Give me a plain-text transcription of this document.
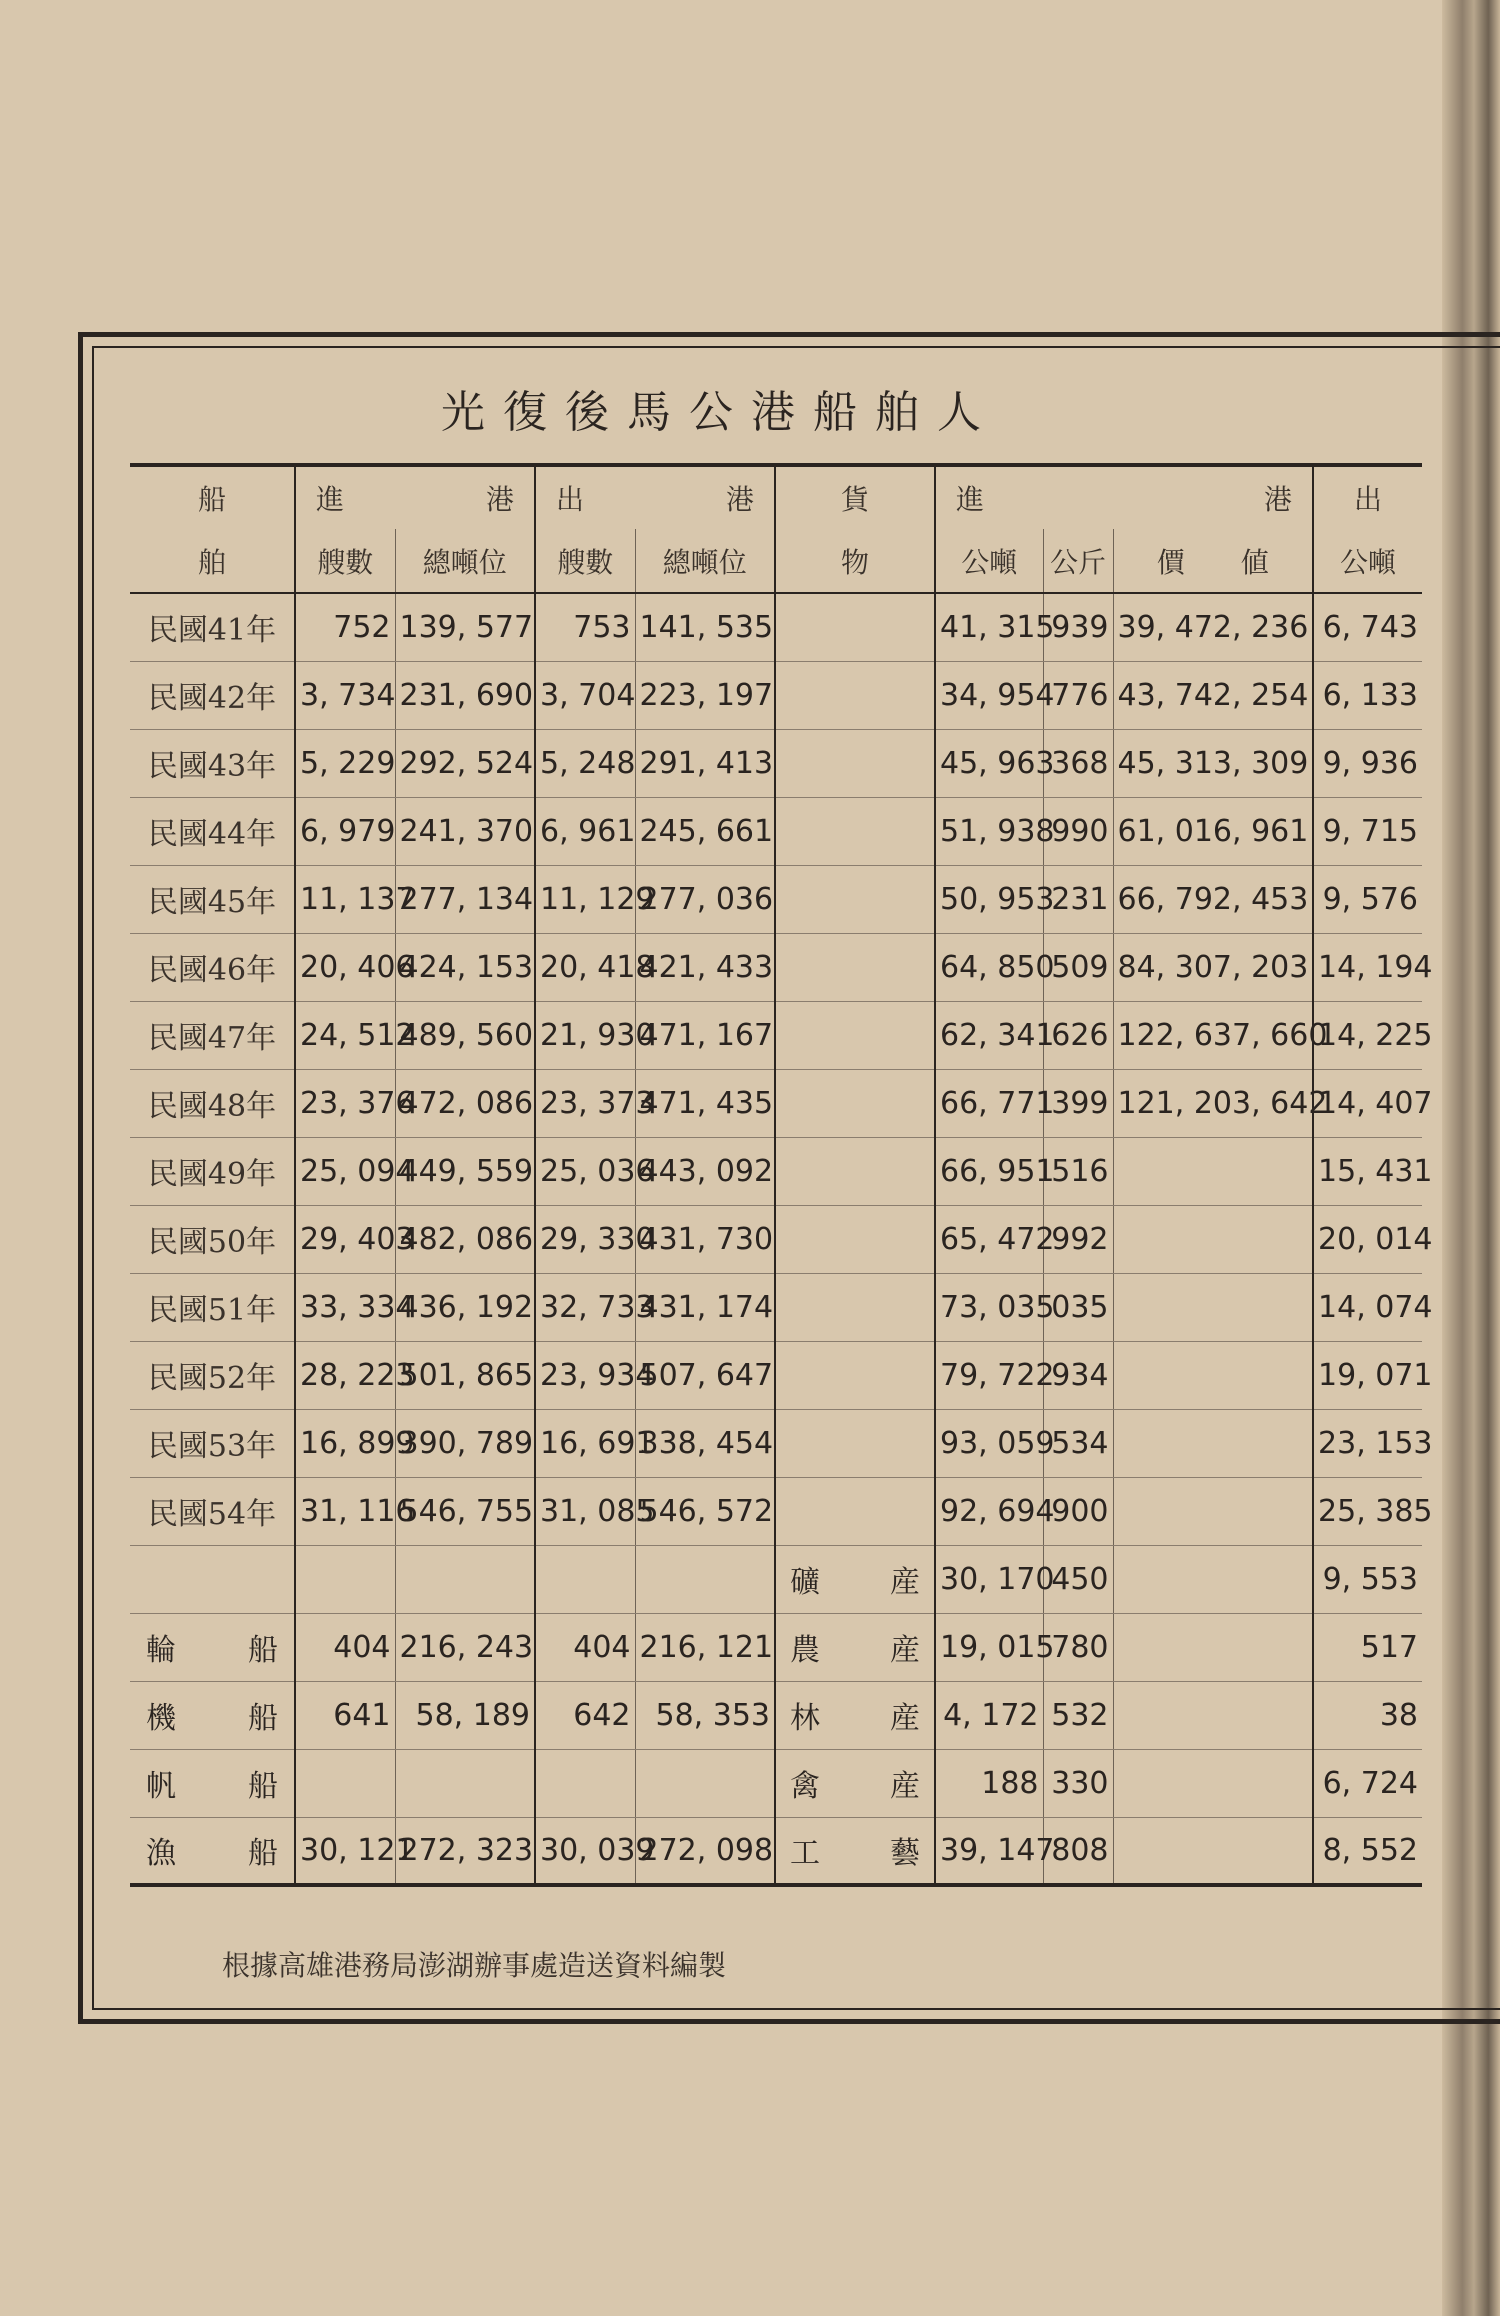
光復後馬公港船舶人
船	進 港		出 港		貨	進 港			出
舶	艘數	總噸位	艘數	總噸位	物	公噸	公斤	價　　値	公噸
民國41年	752	139, 577	753	141, 535		41, 315	939	39, 472, 236	6, 743
民國42年	3, 734	231, 690	3, 704	223, 197		34, 954	776	43, 742, 254	6, 133
民國43年	5, 229	292, 524	5, 248	291, 413		45, 963	368	45, 313, 309	9, 936
民國44年	6, 979	241, 370	6, 961	245, 661		51, 938	990	61, 016, 961	9, 715
民國45年	11, 137	277, 134	11, 129	277, 036		50, 953	231	66, 792, 453	9, 576
民國46年	20, 406	424, 153	20, 418	421, 433		64, 850	509	84, 307, 203	14, 194
民國47年	24, 512	489, 560	21, 930	471, 167		62, 341	626	122, 637, 660	14, 225
民國48年	23, 376	472, 086	23, 373	471, 435		66, 771	399	121, 203, 642	14, 407
民國49年	25, 094	449, 559	25, 036	443, 092		66, 951	516		15, 431
民國50年	29, 403	482, 086	29, 330	431, 730		65, 472	992		20, 014
民國51年	33, 334	436, 192	32, 733	431, 174		73, 035	035		14, 074
民國52年	28, 223	501, 865	23, 934	507, 647		79, 722	934		19, 071
民國53年	16, 899	390, 789	16, 691	338, 454		93, 059	534		23, 153
民國54年	31, 116	546, 755	31, 085	546, 572		92, 694	900		25, 385

					礦 産	30, 170	450		9, 553

輪 船	404	216, 243	404	216, 121	農 産	19, 015	780		517

機 船	641	58, 189	642	58, 353	林 産	4, 172	532		38

帆 船					禽 産	188	330		6, 724

漁 船	30, 121	272, 323	30, 039	272, 098	工 藝	39, 147	808		8, 552
根據高雄港務局澎湖辦事處造送資料編製
